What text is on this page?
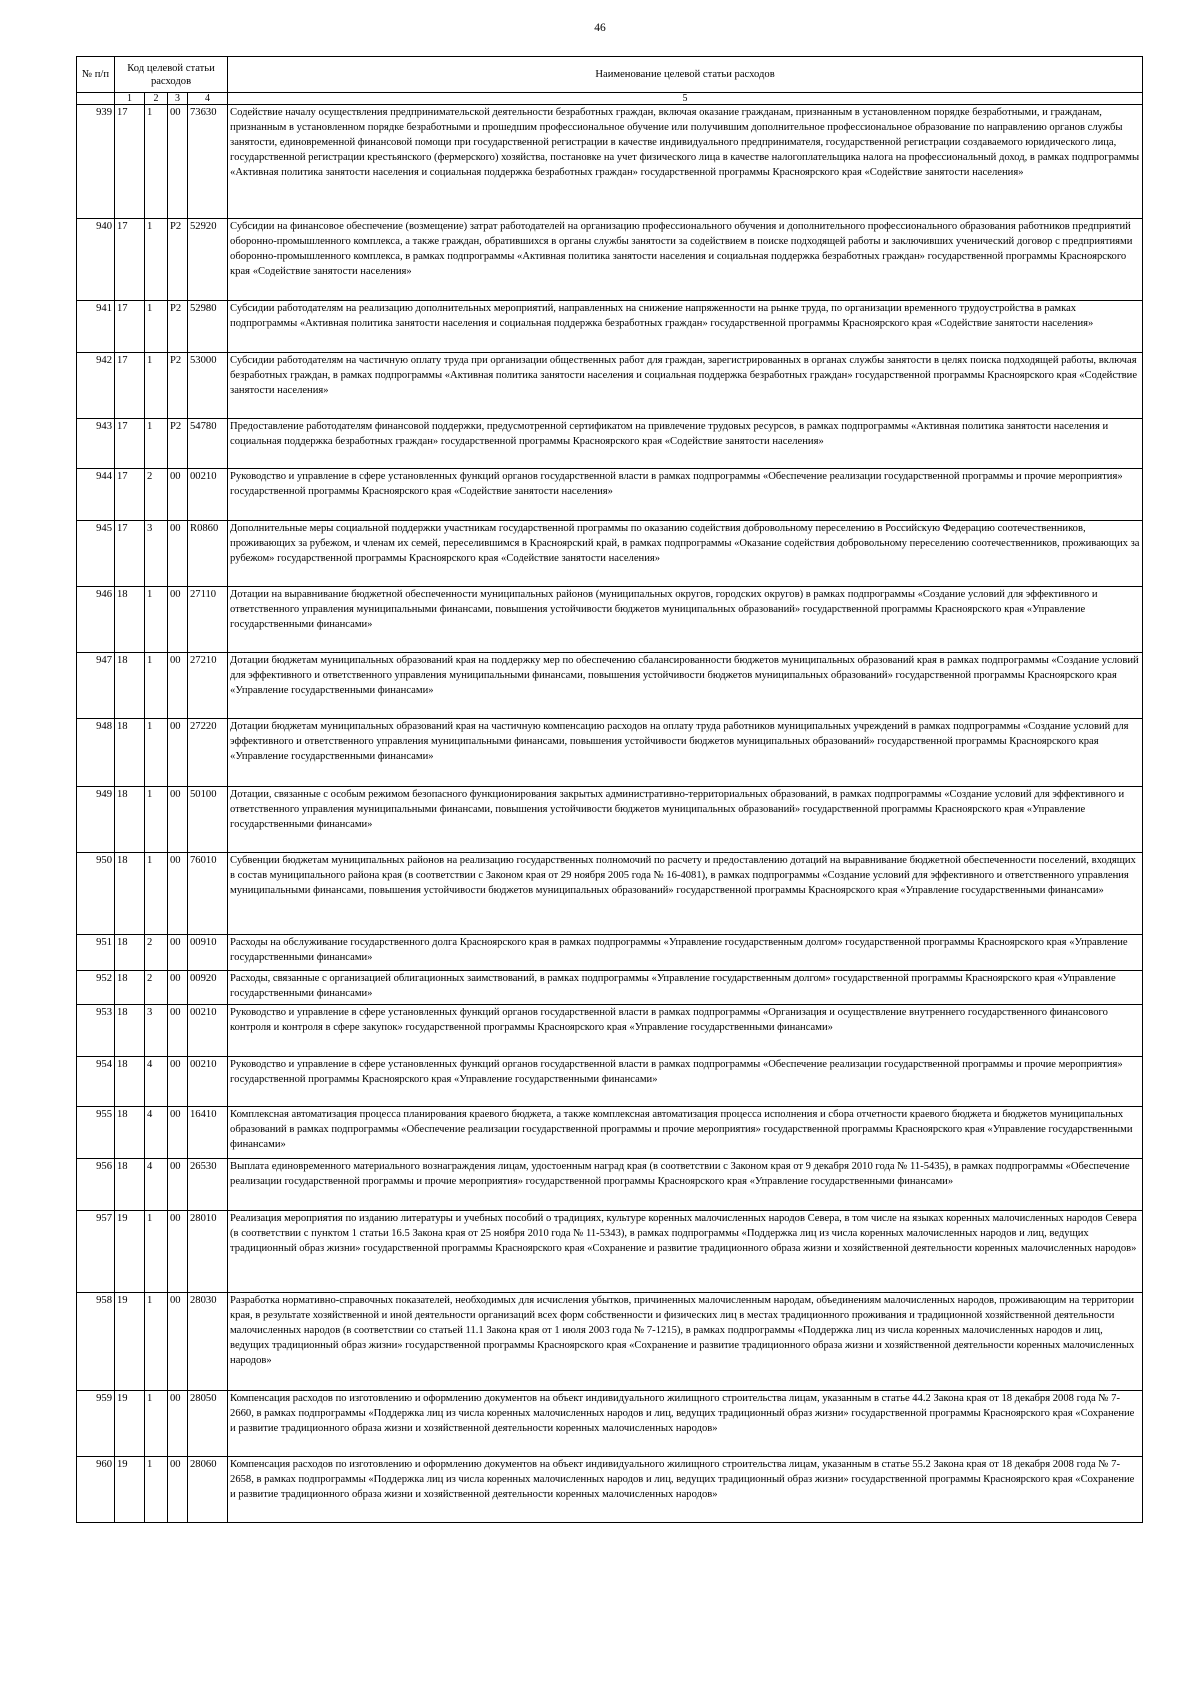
46
№ п/п	Код целевой статьи расходов				Наименование целевой статьи расходов
	1	2	3	4	5

939	17	1	00	73630	Содействие началу осуществления предпринимательской деятельности безработных граждан, включая оказание гражданам, признанным в установленном порядке безработными, и гражданам, признанным в установленном порядке безработными и прошедшим профессиональное обучение или получившим дополнительное профессиональное образование по направлению органов службы занятости, единовременной финансовой помощи при государственной регистрации в качестве индивидуального предпринимателя, государственной регистрации создаваемого юридического лица, государственной регистрации крестьянского (фермерского) хозяйства, постановке на учет физического лица в качестве налогоплательщика налога на профессиональный доход, в рамках подпрограммы «Активная политика занятости населения и социальная поддержка безработных граждан» государственной программы Красноярского края «Содействие занятости населения»
940	17	1	P2	52920	Субсидии на финансовое обеспечение (возмещение) затрат работодателей на организацию профессионального обучения и дополнительного профессионального образования работников предприятий оборонно-промышленного комплекса, а также граждан, обратившихся в органы службы занятости за содействием в поиске подходящей работы и заключивших ученический договор с предприятиями оборонно-промышленного комплекса, в рамках подпрограммы «Активная политика занятости населения и социальная поддержка безработных граждан» государственной программы Красноярского края «Содействие занятости населения»
941	17	1	P2	52980	Субсидии работодателям на реализацию дополнительных мероприятий, направленных на снижение напряженности на рынке труда, по организации временного трудоустройства в рамках подпрограммы «Активная политика занятости населения и социальная поддержка безработных граждан» государственной программы Красноярского края «Содействие занятости населения»
942	17	1	P2	53000	Субсидии работодателям на частичную оплату труда при организации общественных работ для граждан, зарегистрированных в органах службы занятости в целях поиска подходящей работы, включая безработных граждан, в рамках подпрограммы «Активная политика занятости населения и социальная поддержка безработных граждан» государственной программы Красноярского края «Содействие занятости населения»
943	17	1	P2	54780	Предоставление работодателям финансовой поддержки, предусмотренной сертификатом на привлечение трудовых ресурсов, в рамках подпрограммы «Активная политика занятости населения и социальная поддержка безработных граждан» государственной программы Красноярского края «Содействие занятости населения»
944	17	2	00	00210	Руководство и управление в сфере установленных функций органов государственной власти в рамках подпрограммы «Обеспечение реализации государственной программы и прочие мероприятия» государственной программы Красноярского края «Содействие занятости населения»
945	17	3	00	R0860	Дополнительные меры социальной поддержки участникам государственной программы по оказанию содействия добровольному переселению в Российскую Федерацию соотечественников, проживающих за рубежом, и членам их семей, переселившимся в Красноярский край, в рамках подпрограммы «Оказание содействия добровольному переселению соотечественников, проживающих за рубежом» государственной программы Красноярского края «Содействие занятости населения»
946	18	1	00	27110	Дотации на выравнивание бюджетной обеспеченности муниципальных районов (муниципальных округов, городских округов) в рамках подпрограммы «Создание условий для эффективного и ответственного управления муниципальными финансами, повышения устойчивости бюджетов муниципальных образований» государственной программы Красноярского края «Управление государственными финансами»
947	18	1	00	27210	Дотации бюджетам муниципальных образований края на поддержку мер по обеспечению сбалансированности бюджетов муниципальных образований края в рамках подпрограммы «Создание условий для эффективного и ответственного управления муниципальными финансами, повышения устойчивости бюджетов муниципальных образований» государственной программы Красноярского края «Управление государственными финансами»
948	18	1	00	27220	Дотации бюджетам муниципальных образований края на частичную компенсацию расходов на оплату труда работников муниципальных учреждений в рамках подпрограммы «Создание условий для эффективного и ответственного управления муниципальными финансами, повышения устойчивости бюджетов муниципальных образований» государственной программы Красноярского края «Управление государственными финансами»
949	18	1	00	50100	Дотации, связанные с особым режимом безопасного функционирования закрытых административно-территориальных образований, в рамках подпрограммы «Создание условий для эффективного и ответственного управления муниципальными финансами, повышения устойчивости бюджетов муниципальных образований» государственной программы Красноярского края «Управление государственными финансами»
950	18	1	00	76010	Субвенции бюджетам муниципальных районов на реализацию государственных полномочий по расчету и предоставлению дотаций на выравнивание бюджетной обеспеченности поселений, входящих в состав муниципального района края (в соответствии с Законом края от 29 ноября 2005 года № 16-4081), в рамках подпрограммы «Создание условий для эффективного и ответственного управления муниципальными финансами, повышения устойчивости бюджетов муниципальных образований» государственной программы Красноярского края «Управление государственными финансами»
951	18	2	00	00910	Расходы на обслуживание государственного долга Красноярского края в рамках подпрограммы «Управление государственным долгом» государственной программы Красноярского края «Управление государственными финансами»
952	18	2	00	00920	Расходы, связанные с организацией облигационных заимствований, в рамках подпрограммы «Управление государственным долгом» государственной программы Красноярского края «Управление государственными финансами»
953	18	3	00	00210	Руководство и управление в сфере установленных функций органов государственной власти в рамках подпрограммы «Организация и осуществление внутреннего государственного финансового контроля и контроля в сфере закупок» государственной программы Красноярского края «Управление государственными финансами»
954	18	4	00	00210	Руководство и управление в сфере установленных функций органов государственной власти в рамках подпрограммы «Обеспечение реализации государственной программы и прочие мероприятия» государственной программы Красноярского края «Управление государственными финансами»
955	18	4	00	16410	Комплексная автоматизация процесса планирования краевого бюджета, а также комплексная автоматизация процесса исполнения и сбора отчетности краевого бюджета и бюджетов муниципальных образований в рамках подпрограммы «Обеспечение реализации государственной программы и прочие мероприятия» государственной программы Красноярского края «Управление государственными финансами»
956	18	4	00	26530	Выплата единовременного материального вознаграждения лицам, удостоенным наград края (в соответствии с Законом края от 9 декабря 2010 года № 11-5435), в рамках подпрограммы «Обеспечение реализации государственной программы и прочие мероприятия» государственной программы Красноярского края «Управление государственными финансами»
957	19	1	00	28010	Реализация мероприятия по изданию литературы и учебных пособий о традициях, культуре коренных малочисленных народов Севера, в том числе на языках коренных малочисленных народов Севера (в соответствии с пунктом 1 статьи 16.5 Закона края от 25 ноября 2010 года № 11-5343), в рамках подпрограммы «Поддержка лиц из числа коренных малочисленных народов и лиц, ведущих традиционный образ жизни» государственной программы Красноярского края «Сохранение и развитие традиционного образа жизни и хозяйственной деятельности коренных малочисленных народов»
958	19	1	00	28030	Разработка нормативно-справочных показателей, необходимых для исчисления убытков, причиненных малочисленным народам, объединениям малочисленных народов, проживающим на территории края, в результате хозяйственной и иной деятельности организаций всех форм собственности и физических лиц в местах традиционного проживания и традиционной хозяйственной деятельности малочисленных народов (в соответствии со статьей 11.1 Закона края от 1 июля 2003 года № 7-1215), в рамках подпрограммы «Поддержка лиц из числа коренных малочисленных народов и лиц, ведущих традиционный образ жизни» государственной программы Красноярского края «Сохранение и развитие традиционного образа жизни и хозяйственной деятельности коренных малочисленных народов»
959	19	1	00	28050	Компенсация расходов по изготовлению и оформлению документов на объект индивидуального жилищного строительства лицам, указанным в статье 44.2 Закона края от 18 декабря 2008 года № 7-2660, в рамках подпрограммы «Поддержка лиц из числа коренных малочисленных народов и лиц, ведущих традиционный образ жизни» государственной программы Красноярского края «Сохранение и развитие традиционного образа жизни и хозяйственной деятельности коренных малочисленных народов»
960	19	1	00	28060	Компенсация расходов по изготовлению и оформлению документов на объект индивидуального жилищного строительства лицам, указанным в статье 55.2 Закона края от 18 декабря 2008 года № 7-2658, в рамках подпрограммы «Поддержка лиц из числа коренных малочисленных народов и лиц, ведущих традиционный образ жизни» государственной программы Красноярского края «Сохранение и развитие традиционного образа жизни и хозяйственной деятельности коренных малочисленных народов»
